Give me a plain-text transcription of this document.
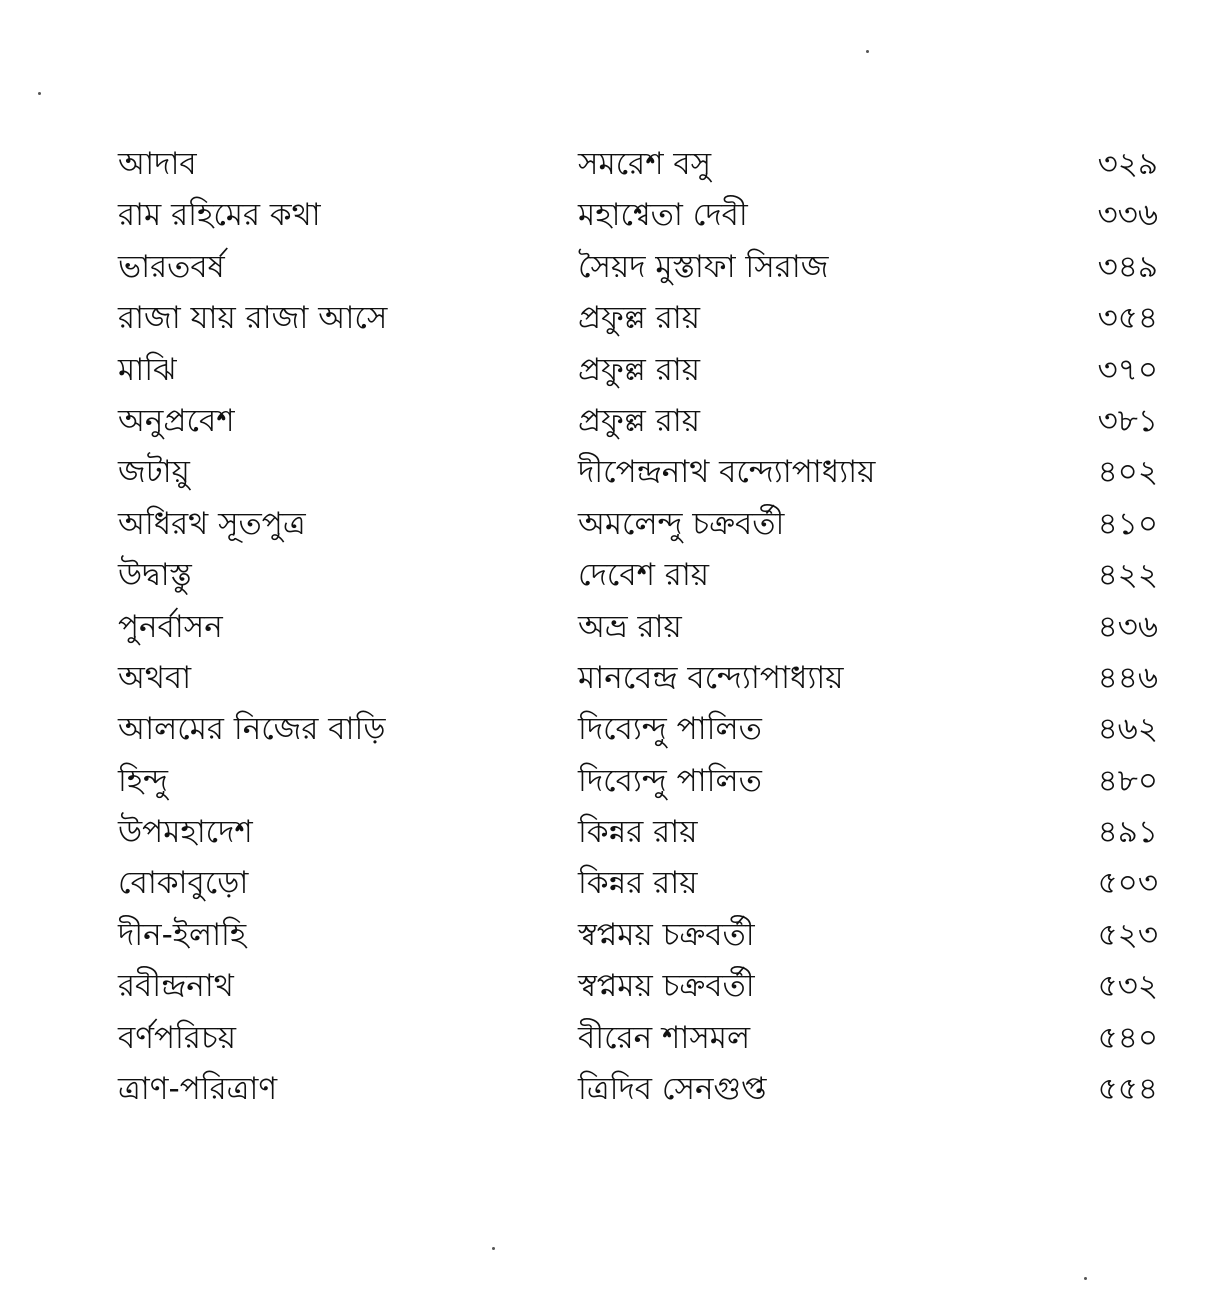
আদাব	সমরেশ বসু	৩২৯
রাম রহিমের কথা	মহাশ্বেতা দেবী	৩৩৬
ভারতবর্ষ	সৈয়দ মুস্তাফা সিরাজ	৩৪৯
রাজা যায় রাজা আসে	প্রফুল্ল রায়	৩৫৪
মাঝি	প্রফুল্ল রায়	৩৭০
অনুপ্রবেশ	প্রফুল্ল রায়	৩৮১
জটায়ু	দীপেন্দ্রনাথ বন্দ্যোপাধ্যায়	৪০২
অধিরথ সূতপুত্র	অমলেন্দু চক্রবর্তী	৪১০
উদ্বাস্তু	দেবেশ রায়	৪২২
পুনর্বাসন	অভ্র রায়	৪৩৬
অথবা	মানবেন্দ্র বন্দ্যোপাধ্যায়	৪৪৬
আলমের নিজের বাড়ি	দিব্যেন্দু পালিত	৪৬২
হিন্দু	দিব্যেন্দু পালিত	৪৮০
উপমহাদেশ	কিন্নর রায়	৪৯১
বোকাবুড়ো	কিন্নর রায়	৫০৩
দীন-ইলাহি	স্বপ্নময় চক্রবর্তী	৫২৩
রবীন্দ্রনাথ	স্বপ্নময় চক্রবর্তী	৫৩২
বর্ণপরিচয়	বীরেন শাসমল	৫৪০
ত্রাণ-পরিত্রাণ	ত্রিদিব সেনগুপ্ত	৫৫৪
